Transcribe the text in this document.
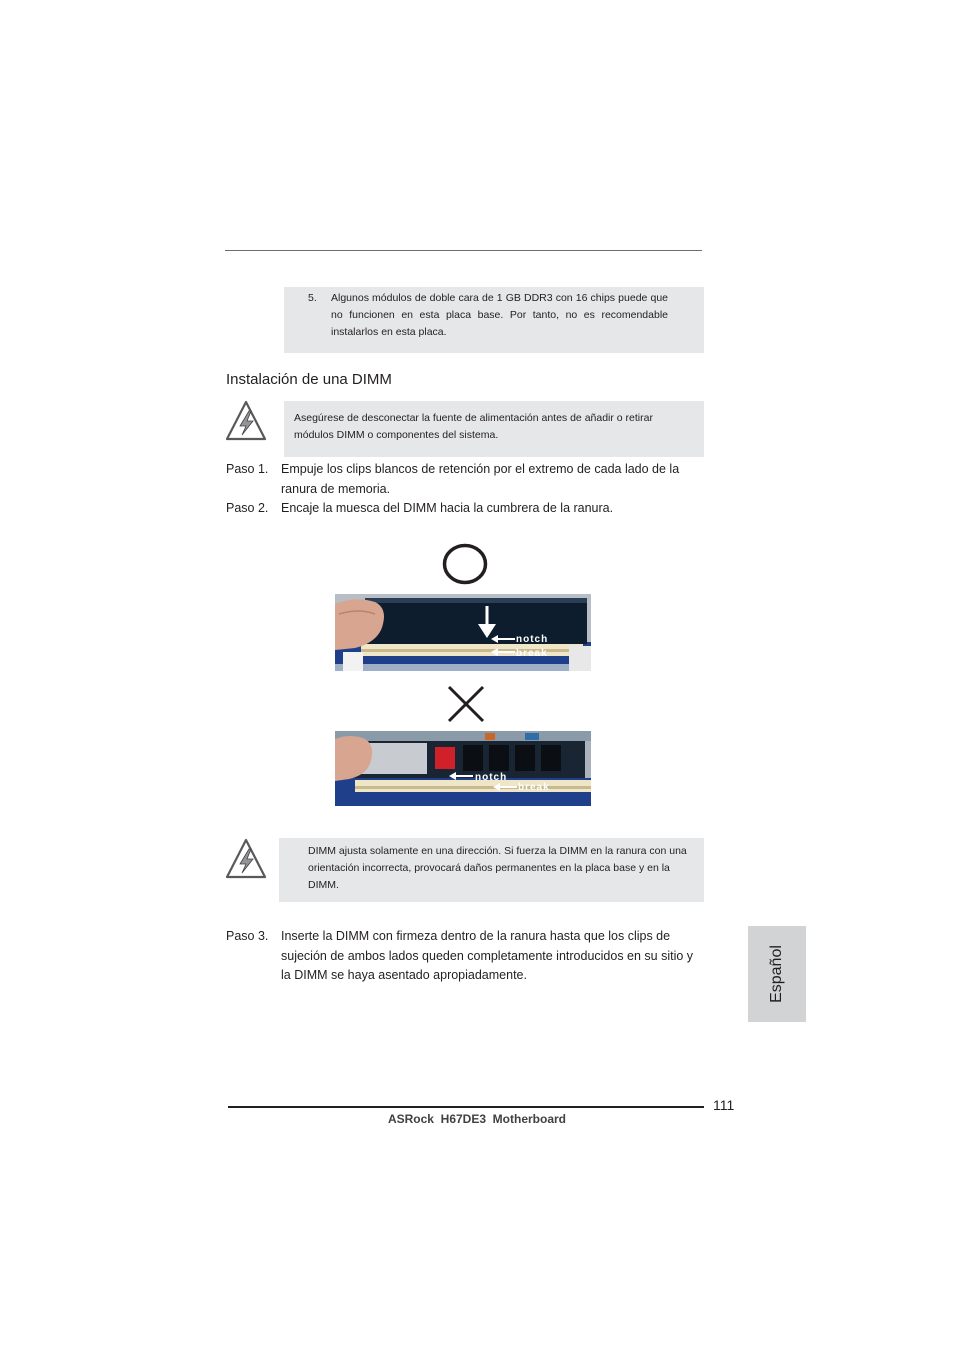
5. Algunos módulos de doble cara de 1 GB DDR3 con 16 chips puede que no funcionen en esta placa base. Por tanto, no es recomendable instalarlos en esta placa.
Instalación de una DIMM
Asegúrese de desconectar la fuente de alimentación antes de añadir o retirar módulos DIMM o componentes del sistema.
Paso 1. Empuje los clips blancos de retención por el extremo de cada lado de la ranura de memoria.
Paso 2. Encaje la muesca del DIMM hacia la cumbrera de la ranura.
notch
break
notch
break
DIMM ajusta solamente en una dirección. Si fuerza la DIMM en la ranura con una orientación incorrecta, provocará daños permanentes en la placa base y en la DIMM.
Paso 3. Inserte la DIMM con firmeza dentro de la ranura hasta que los clips de sujeción de ambos lados queden completamente introducidos en su sitio y la DIMM se haya asentado apropiadamente.	Español
111
ASRock  H67DE3  Motherboard
